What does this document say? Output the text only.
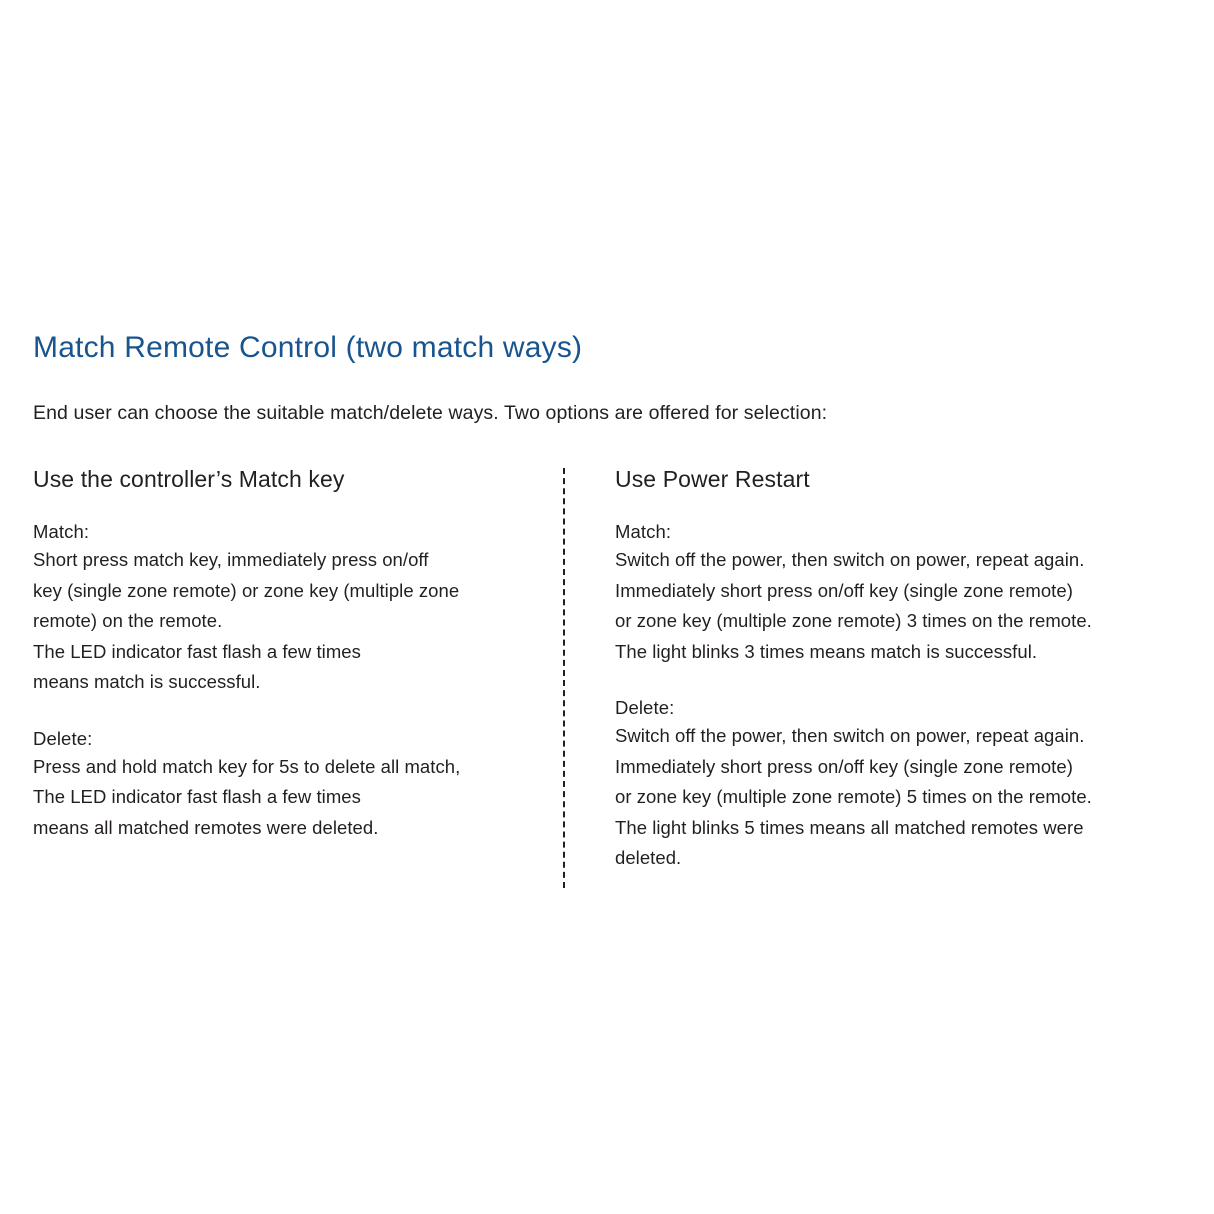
Match Remote Control (two match ways)

End user can choose the suitable match/delete ways. Two options are offered for selection:

Use the controller’s Match key
Match:
Short press match key, immediately press on/off
key (single zone remote) or zone key (multiple zone
remote) on the remote.
The LED indicator fast flash a few times
means match is successful.
Delete:
Press and hold match key for 5s to delete all match,
The LED indicator fast flash a few times
means all matched remotes were deleted.
Use Power Restart
Match:
Switch off the power, then switch on power, repeat again.
Immediately short press on/off key (single zone remote)
or zone key (multiple zone remote) 3 times on the remote.
The light blinks 3 times means match is successful.
Delete:
Switch off the power, then switch on power, repeat again.
Immediately short press on/off key (single zone remote)
or zone key (multiple zone remote) 5 times on the remote.
The light blinks 5 times means all matched remotes were
deleted.
